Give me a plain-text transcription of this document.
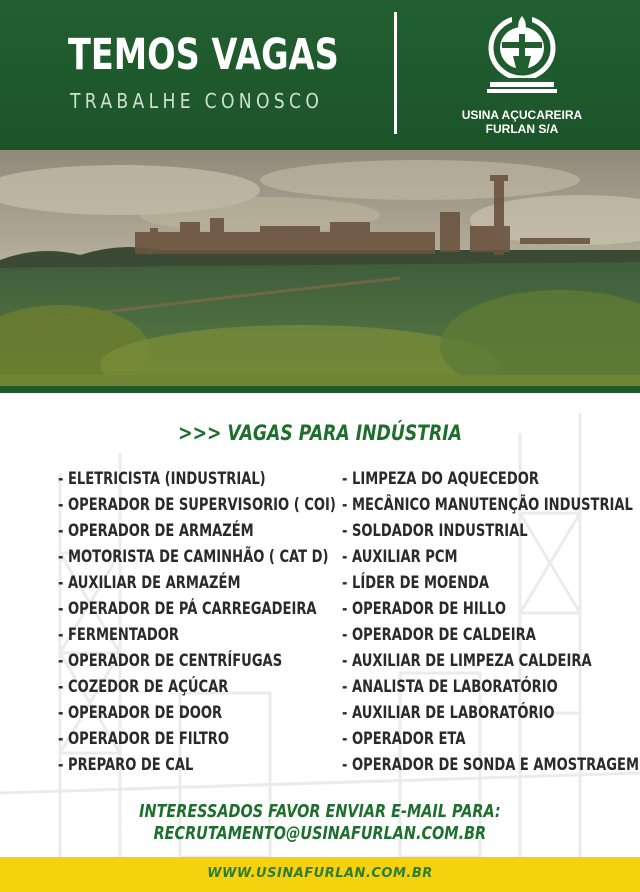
TEMOS VAGAS
TRABALHE CONOSCO
USINA AÇUCAREIRA
FURLAN S/A
>>> VAGAS PARA INDÚSTRIA
- ELETRICISTA (INDUSTRIAL)
- OPERADOR DE SUPERVISORIO ( COI)
- OPERADOR DE ARMAZÉM
- MOTORISTA DE CAMINHÃO ( CAT D)
- AUXILIAR DE ARMAZÉM
- OPERADOR DE PÁ CARREGADEIRA
- FERMENTADOR
- OPERADOR DE CENTRÍFUGAS
- COZEDOR DE AÇÚCAR
- OPERADOR DE DOOR
- OPERADOR DE FILTRO
- PREPARO DE CAL
- LIMPEZA DO AQUECEDOR
- MECÂNICO MANUTENÇÃO INDUSTRIAL
- SOLDADOR INDUSTRIAL
- AUXILIAR PCM
- LÍDER DE MOENDA
- OPERADOR DE HILLO
- OPERADOR DE CALDEIRA
- AUXILIAR DE LIMPEZA CALDEIRA
- ANALISTA DE LABORATÓRIO
- AUXILIAR DE LABORATÓRIO
- OPERADOR ETA
- OPERADOR DE SONDA E AMOSTRAGEM
INTERESSADOS FAVOR ENVIAR E-MAIL PARA:
RECRUTAMENTO@USINAFURLAN.COM.BR
WWW.USINAFURLAN.COM.BR
